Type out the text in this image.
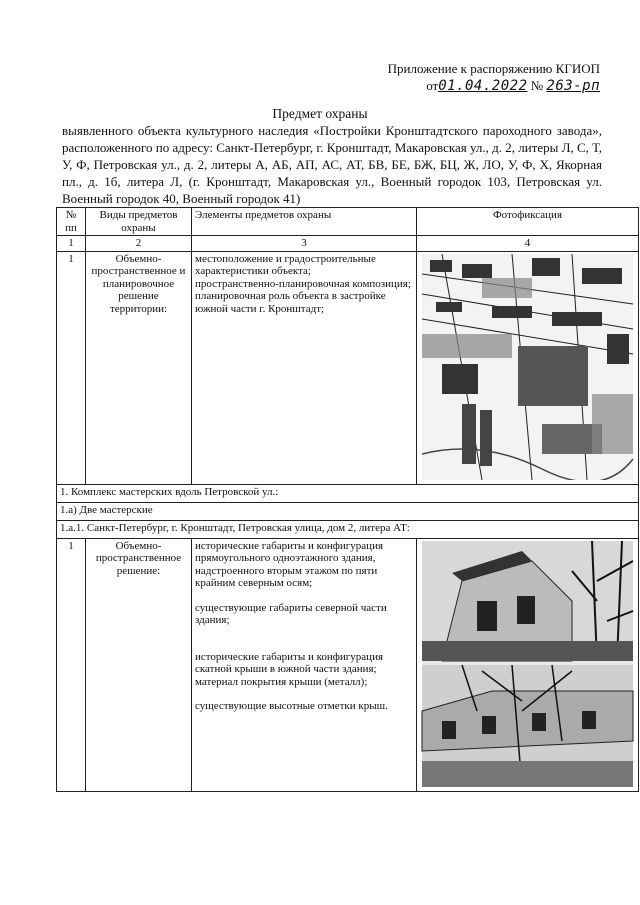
Приложение к распоряжению КГИОП
от01.04.2022 № 263-рп
Предмет охраны
выявленного объекта культурного наследия «Постройки Кронштадтского пароходного завода», расположенного по адресу: Санкт-Петербург, г. Кронштадт, Макаровская ул., д. 2, литеры Л, С, Т, У, Ф, Петровская ул., д. 2, литеры А, АБ, АП, АС, АТ, БВ, БЕ, БЖ, БЦ, Ж, ЛО, У, Ф, Х, Якорная пл., д. 1б, литера Л, (г. Кронштадт, Макаровская ул., Военный городок 103, Петровская ул. Военный городок 40, Военный городок 41)
№ пп	Виды предметов охраны	Элементы предметов охраны	Фотофиксация
1	2	3	4
1	Объемно-пространственное и планировочное решение территории:	местоположение и градостроительные характеристики объекта;
пространственно-планировочная композиция;
планировочная роль объекта в застройке южной части г. Кронштадт;

1. Комплекс мастерских вдоль Петровской ул.:			
1.а) Две мастерские			
1.а.1. Санкт-Петербург, г. Кронштадт, Петровская улица, дом 2, литера АТ:			
1	Объемно-пространственное решение:	исторические габариты и конфигурация прямоугольного одноэтажного здания, надстроенного вторым этажом по пяти крайним северным осям;
существующие габариты северной части здания;
исторические габариты и конфигурация скатной крыши в южной части здания; материал покрытия крыши (металл);
существующие высотные отметки крыш.
